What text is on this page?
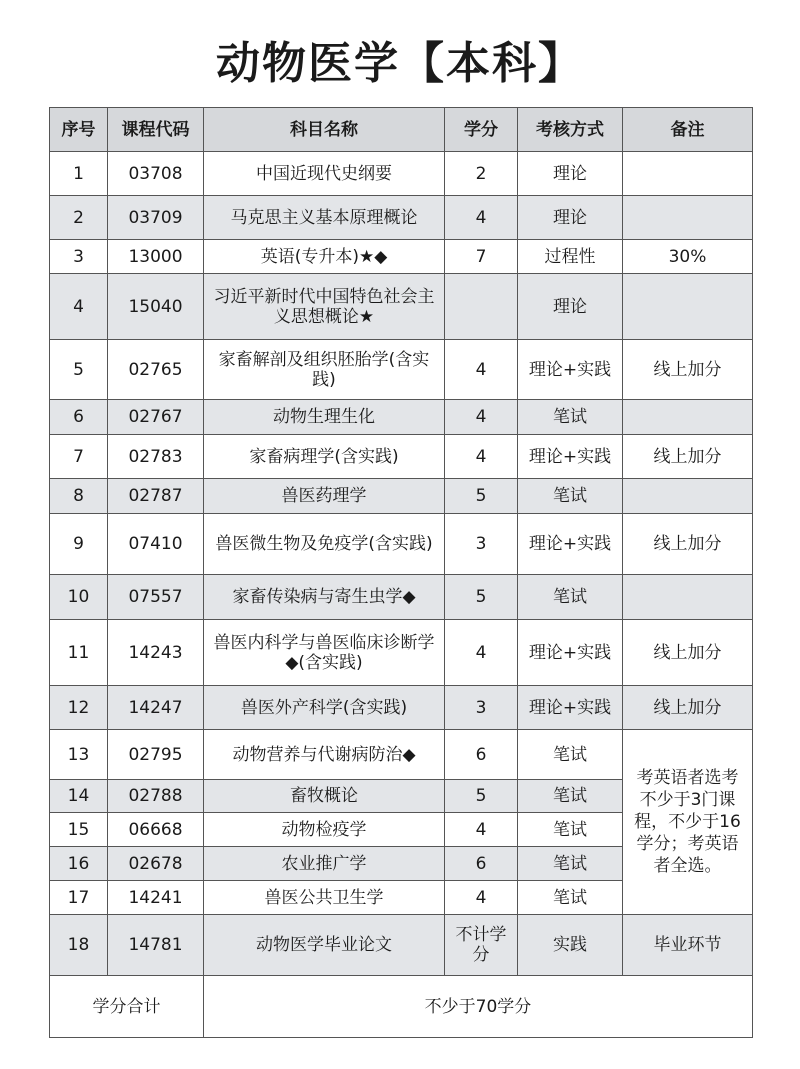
动物医学【本科】
序号	课程代码	科目名称	学分	考核方式	备注
1	03708	中国近现代史纲要	2	理论	
2	03709	马克思主义基本原理概论	4	理论	
3	13000	英语(专升本)★◆	7	过程性	30%
4	15040	习近平新时代中国特色社会主义思想概论★		理论	
5	02765	家畜解剖及组织胚胎学(含实践)	4	理论+实践	线上加分
6	02767	动物生理生化	4	笔试	
7	02783	家畜病理学(含实践)	4	理论+实践	线上加分
8	02787	兽医药理学	5	笔试	
9	07410	兽医微生物及免疫学(含实践)	3	理论+实践	线上加分
10	07557	家畜传染病与寄生虫学◆	5	笔试	
11	14243	兽医内科学与兽医临床诊断学◆(含实践)	4	理论+实践	线上加分
12	14247	兽医外产科学(含实践)	3	理论+实践	线上加分
13	02795	动物营养与代谢病防治◆	6	笔试	考英语者选考不少于3门课程，不少于16学分；考英语者全选。
14	02788	畜牧概论	5	笔试	
15	06668	动物检疫学	4	笔试	
16	02678	农业推广学	6	笔试	
17	14241	兽医公共卫生学	4	笔试	
18	14781	动物医学毕业论文	不计学分	实践	毕业环节
学分合计		不少于70学分			
